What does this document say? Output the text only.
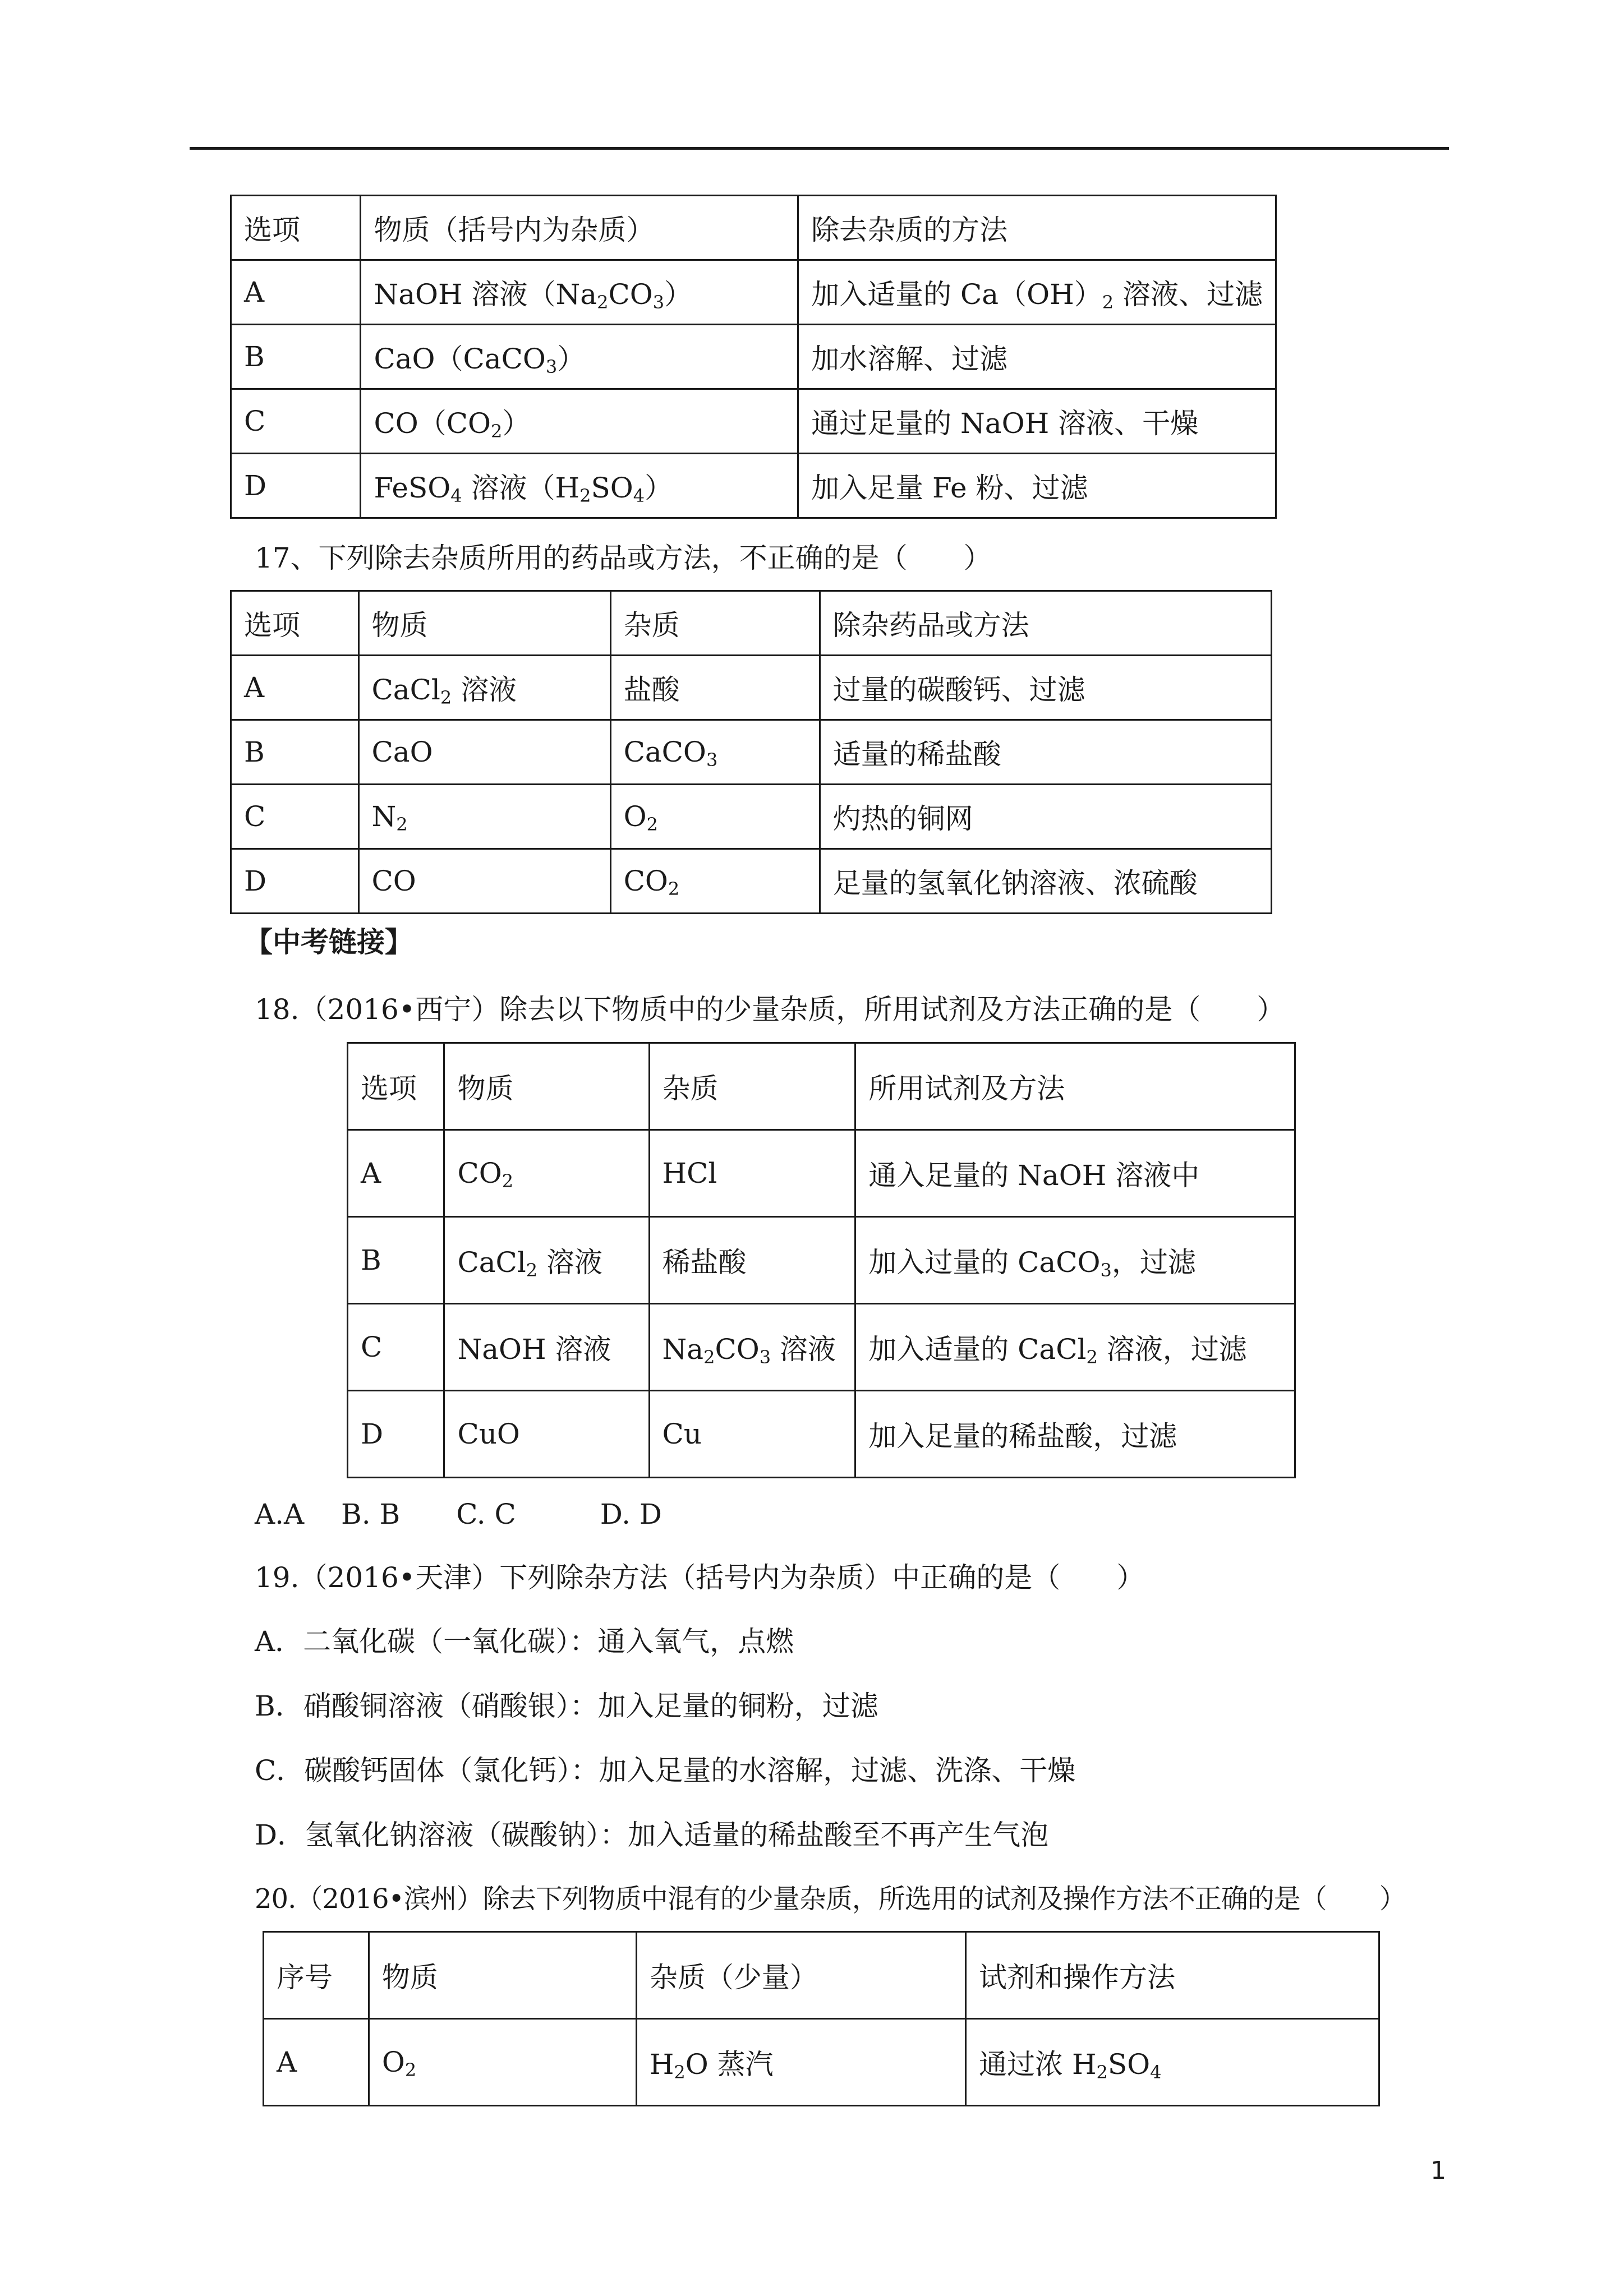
选项	物质（括号内为杂质）	除去杂质的方法
A	NaOH 溶液$(Na_2CO_3)$	加入适量的 $Ca(OH)_2$ 溶液、过滤
B	CaO（CaCO$_3$）	加水溶解、过滤
C	$CO(CO_2)$	通过足量的 NaOH 溶液、干燥
D	FeSO$_4$ 溶液$(H_2SO_4)$	加入足量 Fe 粉、过滤
17、下列除去杂质所用的药品或方法，不正确的是（　　）
选项	物质	杂质	除杂药品或方法
A	CaCl$_2$ 溶液	盐酸	过量的碳酸钙、过滤
B	CaO	CaCO$_3$	适量的稀盐酸
C	$N_2$	$O_2$	灼热的铜网
D	CO	$CO_2$	足量的氢氧化钠溶液、浓硫酸
【中考链接】
18.（2016•西宁）除去以下物质中的少量杂质，所用试剂及方法正确的是（　　）
选项	物质	杂质	所用试剂及方法
A	$CO_2$	HCl	通入足量的 NaOH 溶液中
B	CaCl$_2$ 溶液	稀盐酸	加入过量的 CaCO$_3$，过滤
C	NaOH 溶液	$Na_2CO_3$ 溶液	加入适量的 CaCl$_2$ 溶液，过滤
D	CuO	Cu	加入足量的稀盐酸，过滤
A.A　 B. B　　C. C　　　D. D
19.（2016•天津）下列除杂方法（括号内为杂质）中正确的是（　　）
A．二氧化碳（一氧化碳）：通入氧气，点燃
B．硝酸铜溶液（硝酸银）：加入足量的铜粉，过滤
C．碳酸钙固体（氯化钙）：加入足量的水溶解，过滤、洗涤、干燥
D．氢氧化钠溶液（碳酸钠）：加入适量的稀盐酸至不再产生气泡
20.（2016•滨州）除去下列物质中混有的少量杂质，所选用的试剂及操作方法不正确的是（　　）
序号	物质	杂质（少量）	试剂和操作方法
A	$O_2$	$H_2O$ 蒸汽	通过浓 $H_2SO_4$
1
